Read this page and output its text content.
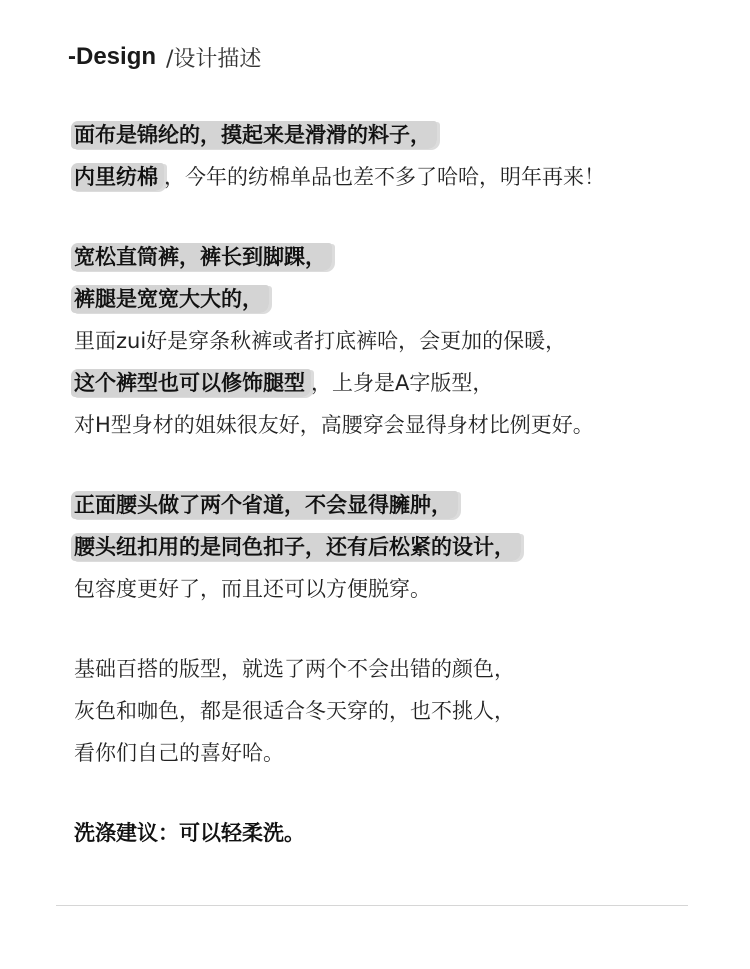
-Design /设计描述
面布是锦纶的，摸起来是滑滑的料子，
内里纺棉 ，今年的纺棉单品也差不多了哈哈，明年再来！
宽松直筒裤，裤长到脚踝，
裤腿是宽宽大大的，
里面zui好是穿条秋裤或者打底裤哈，会更加的保暖，
这个裤型也可以修饰腿型 ，上身是A字版型，
对H型身材的姐妹很友好，高腰穿会显得身材比例更好。
正面腰头做了两个省道，不会显得臃肿，
腰头纽扣用的是同色扣子，还有后松紧的设计，
包容度更好了，而且还可以方便脱穿。
基础百搭的版型，就选了两个不会出错的颜色，
灰色和咖色，都是很适合冬天穿的，也不挑人，
看你们自己的喜好哈。
洗涤建议：可以轻柔洗。
